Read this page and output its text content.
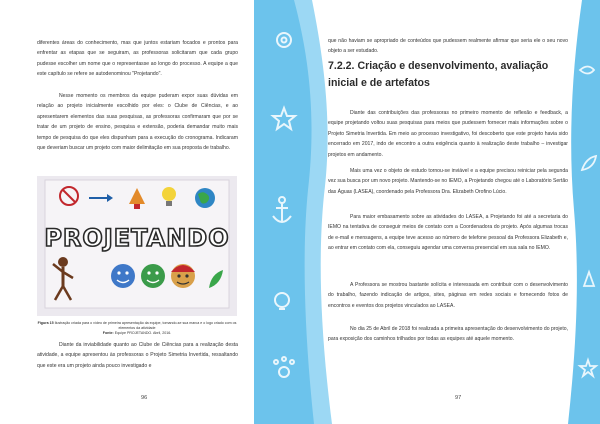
diferentes áreas do conhecimento, mas que juntos estariam focados e prontos para enfrentar as etapas que se seguiram, as professoras solicitaram que cada grupo pudesse escolher um nome que o representasse ao longo do processo. A equipe a que este capítulo se refere se autodenominou "Projetando".

Nesse momento os membros da equipe puderam expor suas dúvidas em relação ao projeto inicialmente escolhido por eles: o Clube de Ciências, e ao apresentarem elementos das suas pesquisas, as professoras confirmaram que por se tratar de um projeto de ensino, pesquisa e extensão, poderia demandar muito mais tempo de pesquisa do que eles dispunham para a execução do cronograma. Indicaram que deveriam buscar um projeto com maior delimitação em sua proposta de trabalho.

PROJETANDO

Figura 15 Ilustração criada para o vídeo de primeira apresentação da equipe, tomando-se sua marca e o logo criado com os elementos da atividade
Fonte: Equipe PROJETANDO. Abril, 2016.

Diante da inviabilidade quanto ao Clube de Ciências para a realização desta atividade, a equipe apresentou às professoras o Projeto Simetria Invertida, ressaltando que este era um projeto ainda pouco investigado e

96	97

que não haviam se apropriado de conteúdos que pudessem realmente afirmar que seria ele o seu novo objeto a ser estudado.

7.2.2. Criação e desenvolvimento, avaliação inicial e de artefatos

Diante das contribuições das professoras no primeiro momento de reflexão e feedback, a equipe projetando voltou suas pesquisas para meios que pudessem fornecer mais informações sobre o Projeto Simetria Invertida. Em meio ao processo investigativo, foi descoberto que este projeto havia sido encerrado em 2017, indo de encontro a outra exigência quanto à realização deste trabalho – investigar projetos em andamento.

Mais uma vez o objeto de estudo tornou-se inviável e a equipe precisou reiniciar pela segunda vez sua busca por um novo projeto. Mantendo-se no IEMO, a Projetando chegou até o Laboratório Sertão das Águas (LASEA), coordenado pela Professora Dra. Elizabeth Orofino Lúcio.

Para maior embasamento sobre as atividades do LASEA, a Projetando foi até a secretaria do IEMO na tentativa de conseguir meios de contato com a Coordenadora do projeto. Após algumas trocas de e-mail e mensagens, a equipe teve acesso ao número de telefone pessoal da Professora Elizabeth e, ao entrar em contato com ela, conseguiu agendar uma conversa presencial em sua sala no IEMO.

A Professora se mostrou bastante solícita e interessada em contribuir com o desenvolvimento do trabalho, fazendo indicação de artigos, sites, páginas em redes sociais e fornecendo fotos de encontros e eventos dos projetos vinculados ao LASEA.

No dia 25 de Abril de 2018 foi realizada a primeira apresentação do desenvolvimento do projeto, para exposição dos caminhos trilhados por todas as equipes até aquele momento.
